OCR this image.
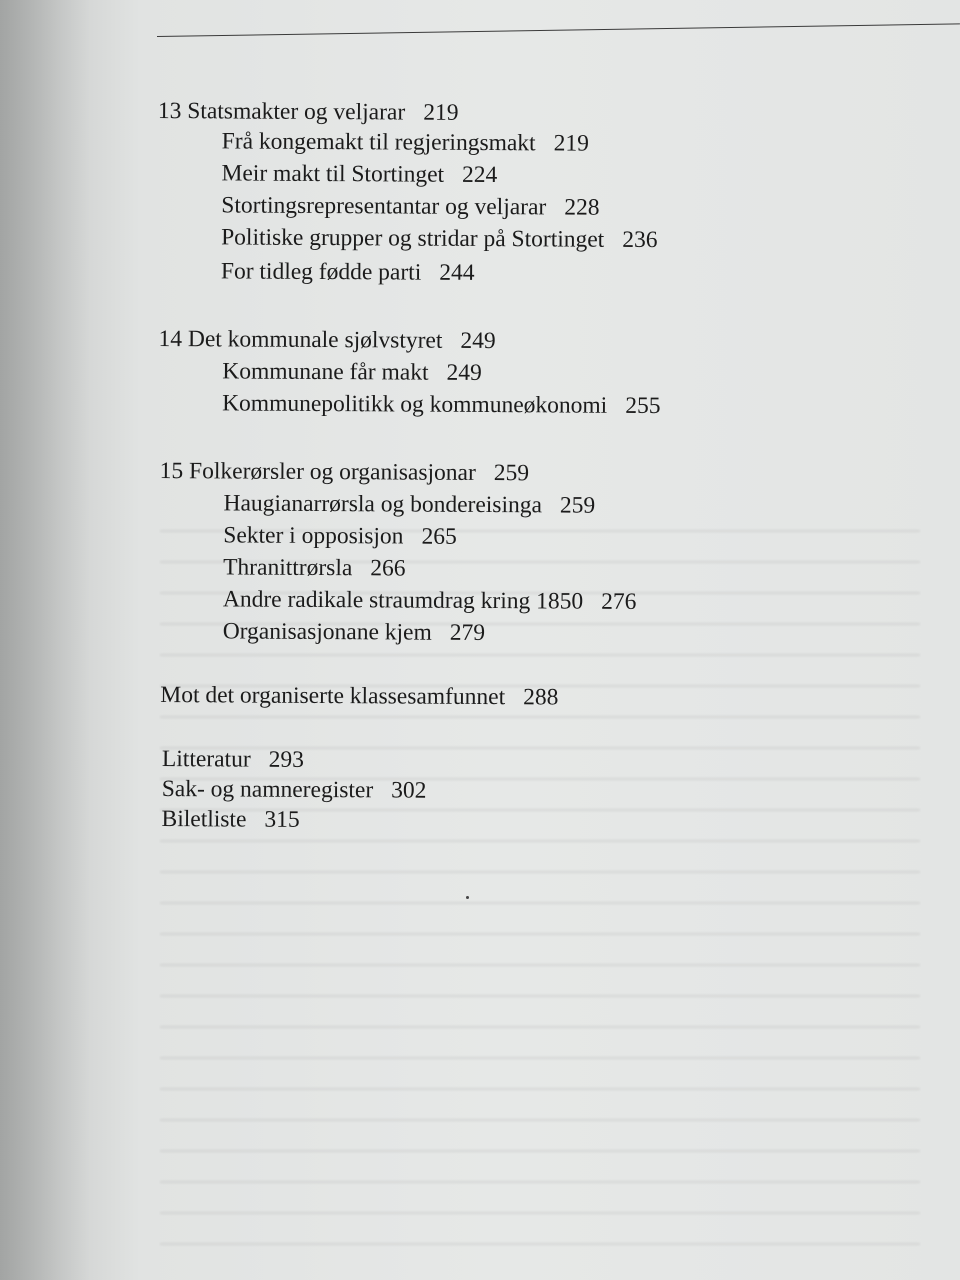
13 Statsmakter og veljarar 219
Frå kongemakt til regjeringsmakt 219
Meir makt til Stortinget 224
Stortingsrepresentantar og veljarar 228
Politiske grupper og stridar på Stortinget 236
For tidleg fødde parti 244
14 Det kommunale sjølvstyret 249
Kommunane får makt 249
Kommunepolitikk og kommuneøkonomi 255
15 Folkerørsler og organisasjonar 259
Haugianarrørsla og bondereisinga 259
Sekter i opposisjon 265
Thranittrørsla 266
Andre radikale straumdrag kring 1850 276
Organisasjonane kjem 279
Mot det organiserte klassesamfunnet 288
Litteratur 293
Sak- og namneregister 302
Biletliste 315
